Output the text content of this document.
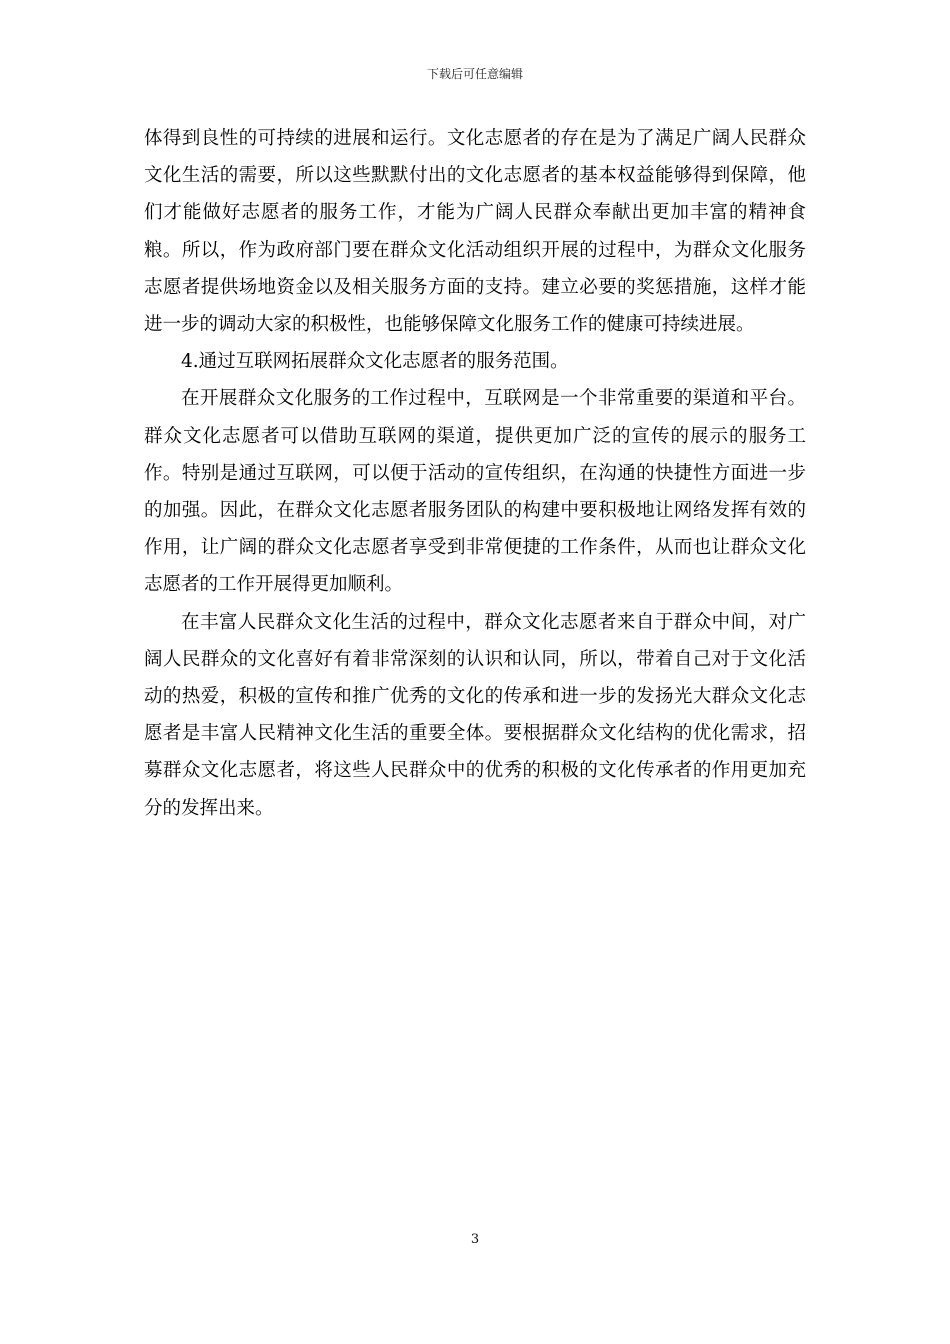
下载后可任意编辑

体得到良性的可持续的进展和运行。文化志愿者的存在是为了满足广阔人民群众文化生活的需要，所以这些默默付出的文化志愿者的基本权益能够得到保障，他们才能做好志愿者的服务工作，才能为广阔人民群众奉献出更加丰富的精神食粮。所以，作为政府部门要在群众文化活动组织开展的过程中，为群众文化服务志愿者提供场地资金以及相关服务方面的支持。建立必要的奖惩措施，这样才能进一步的调动大家的积极性，也能够保障文化服务工作的健康可持续进展。

4.通过互联网拓展群众文化志愿者的服务范围。

在开展群众文化服务的工作过程中，互联网是一个非常重要的渠道和平台。群众文化志愿者可以借助互联网的渠道，提供更加广泛的宣传的展示的服务工作。特别是通过互联网，可以便于活动的宣传组织，在沟通的快捷性方面进一步的加强。因此，在群众文化志愿者服务团队的构建中要积极地让网络发挥有效的作用，让广阔的群众文化志愿者享受到非常便捷的工作条件，从而也让群众文化志愿者的工作开展得更加顺利。

在丰富人民群众文化生活的过程中，群众文化志愿者来自于群众中间，对广阔人民群众的文化喜好有着非常深刻的认识和认同，所以，带着自己对于文化活动的热爱，积极的宣传和推广优秀的文化的传承和进一步的发扬光大群众文化志愿者是丰富人民精神文化生活的重要全体。要根据群众文化结构的优化需求，招募群众文化志愿者，将这些人民群众中的优秀的积极的文化传承者的作用更加充分的发挥出来。

3
